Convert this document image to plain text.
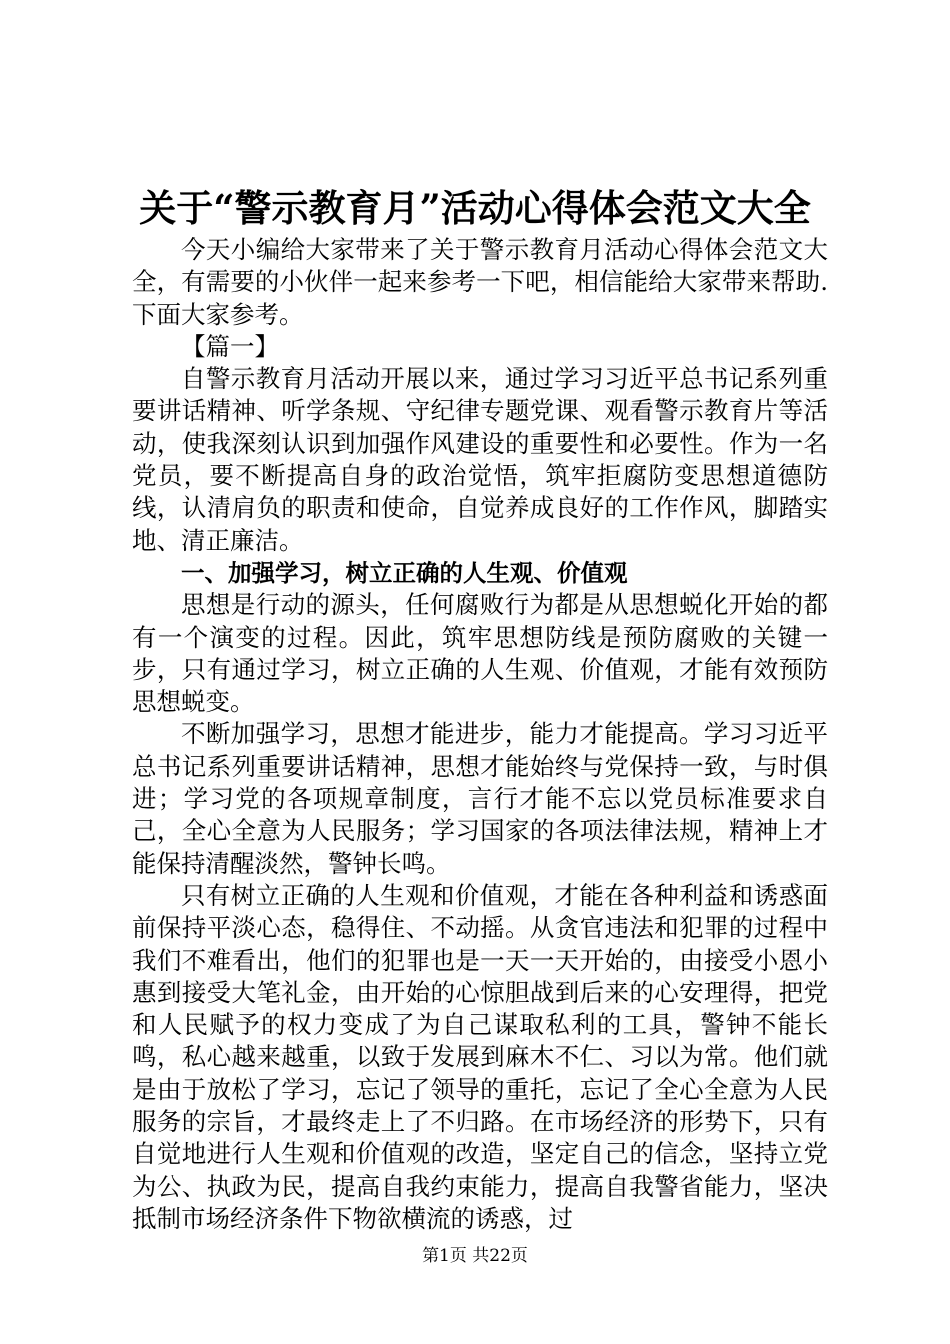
关于“警示教育月”活动心得体会范文大全

今天小编给大家带来了关于警示教育月活动心得体会范文大全，有需要的小伙伴一起来参考一下吧，相信能给大家带来帮助.下面大家参考。

【篇一】

自警示教育月活动开展以来，通过学习习近平总书记系列重要讲话精神、听学条规、守纪律专题党课、观看警示教育片等活动，使我深刻认识到加强作风建设的重要性和必要性。作为一名党员，要不断提高自身的政治觉悟，筑牢拒腐防变思想道德防线，认清肩负的职责和使命，自觉养成良好的工作作风，脚踏实地、清正廉洁。

一、加强学习，树立正确的人生观、价值观

思想是行动的源头，任何腐败行为都是从思想蜕化开始的都有一个演变的过程。因此，筑牢思想防线是预防腐败的关键一步，只有通过学习，树立正确的人生观、价值观，才能有效预防思想蜕变。

不断加强学习，思想才能进步，能力才能提高。学习习近平总书记系列重要讲话精神，思想才能始终与党保持一致，与时俱进；学习党的各项规章制度，言行才能不忘以党员标准要求自己，全心全意为人民服务；学习国家的各项法律法规，精神上才能保持清醒淡然，警钟长鸣。

只有树立正确的人生观和价值观，才能在各种利益和诱惑面前保持平淡心态，稳得住、不动摇。从贪官违法和犯罪的过程中我们不难看出，他们的犯罪也是一天一天开始的，由接受小恩小惠到接受大笔礼金，由开始的心惊胆战到后来的心安理得，把党和人民赋予的权力变成了为自己谋取私利的工具，警钟不能长鸣，私心越来越重，以致于发展到麻木不仁、习以为常。他们就是由于放松了学习，忘记了领导的重托，忘记了全心全意为人民服务的宗旨，才最终走上了不归路。在市场经济的形势下，只有自觉地进行人生观和价值观的改造，坚定自己的信念，坚持立党为公、执政为民，提高自我约束能力，提高自我警省能力，坚决抵制市场经济条件下物欲横流的诱惑，过

第1页 共22页
